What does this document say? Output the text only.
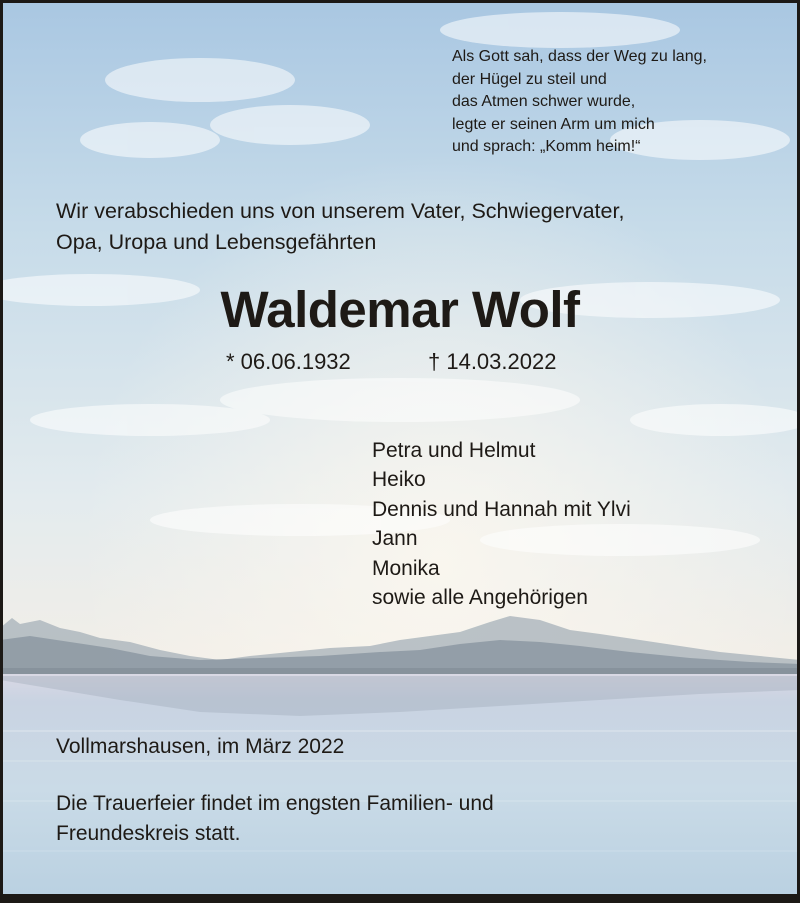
Als Gott sah, dass der Weg zu lang,
der Hügel zu steil und
das Atmen schwer wurde,
legte er seinen Arm um mich
und sprach: „Komm heim!“
Wir verabschieden uns von unserem Vater, Schwiegervater,
Opa, Uropa und Lebensgefährten
Waldemar Wolf
* 06.06.1932	† 14.03.2022
Petra und Helmut
Heiko
Dennis und Hannah mit Ylvi
Jann
Monika
sowie alle Angehörigen
Vollmarshausen, im März 2022
Die Trauerfeier findet im engsten Familien- und
Freundeskreis statt.
